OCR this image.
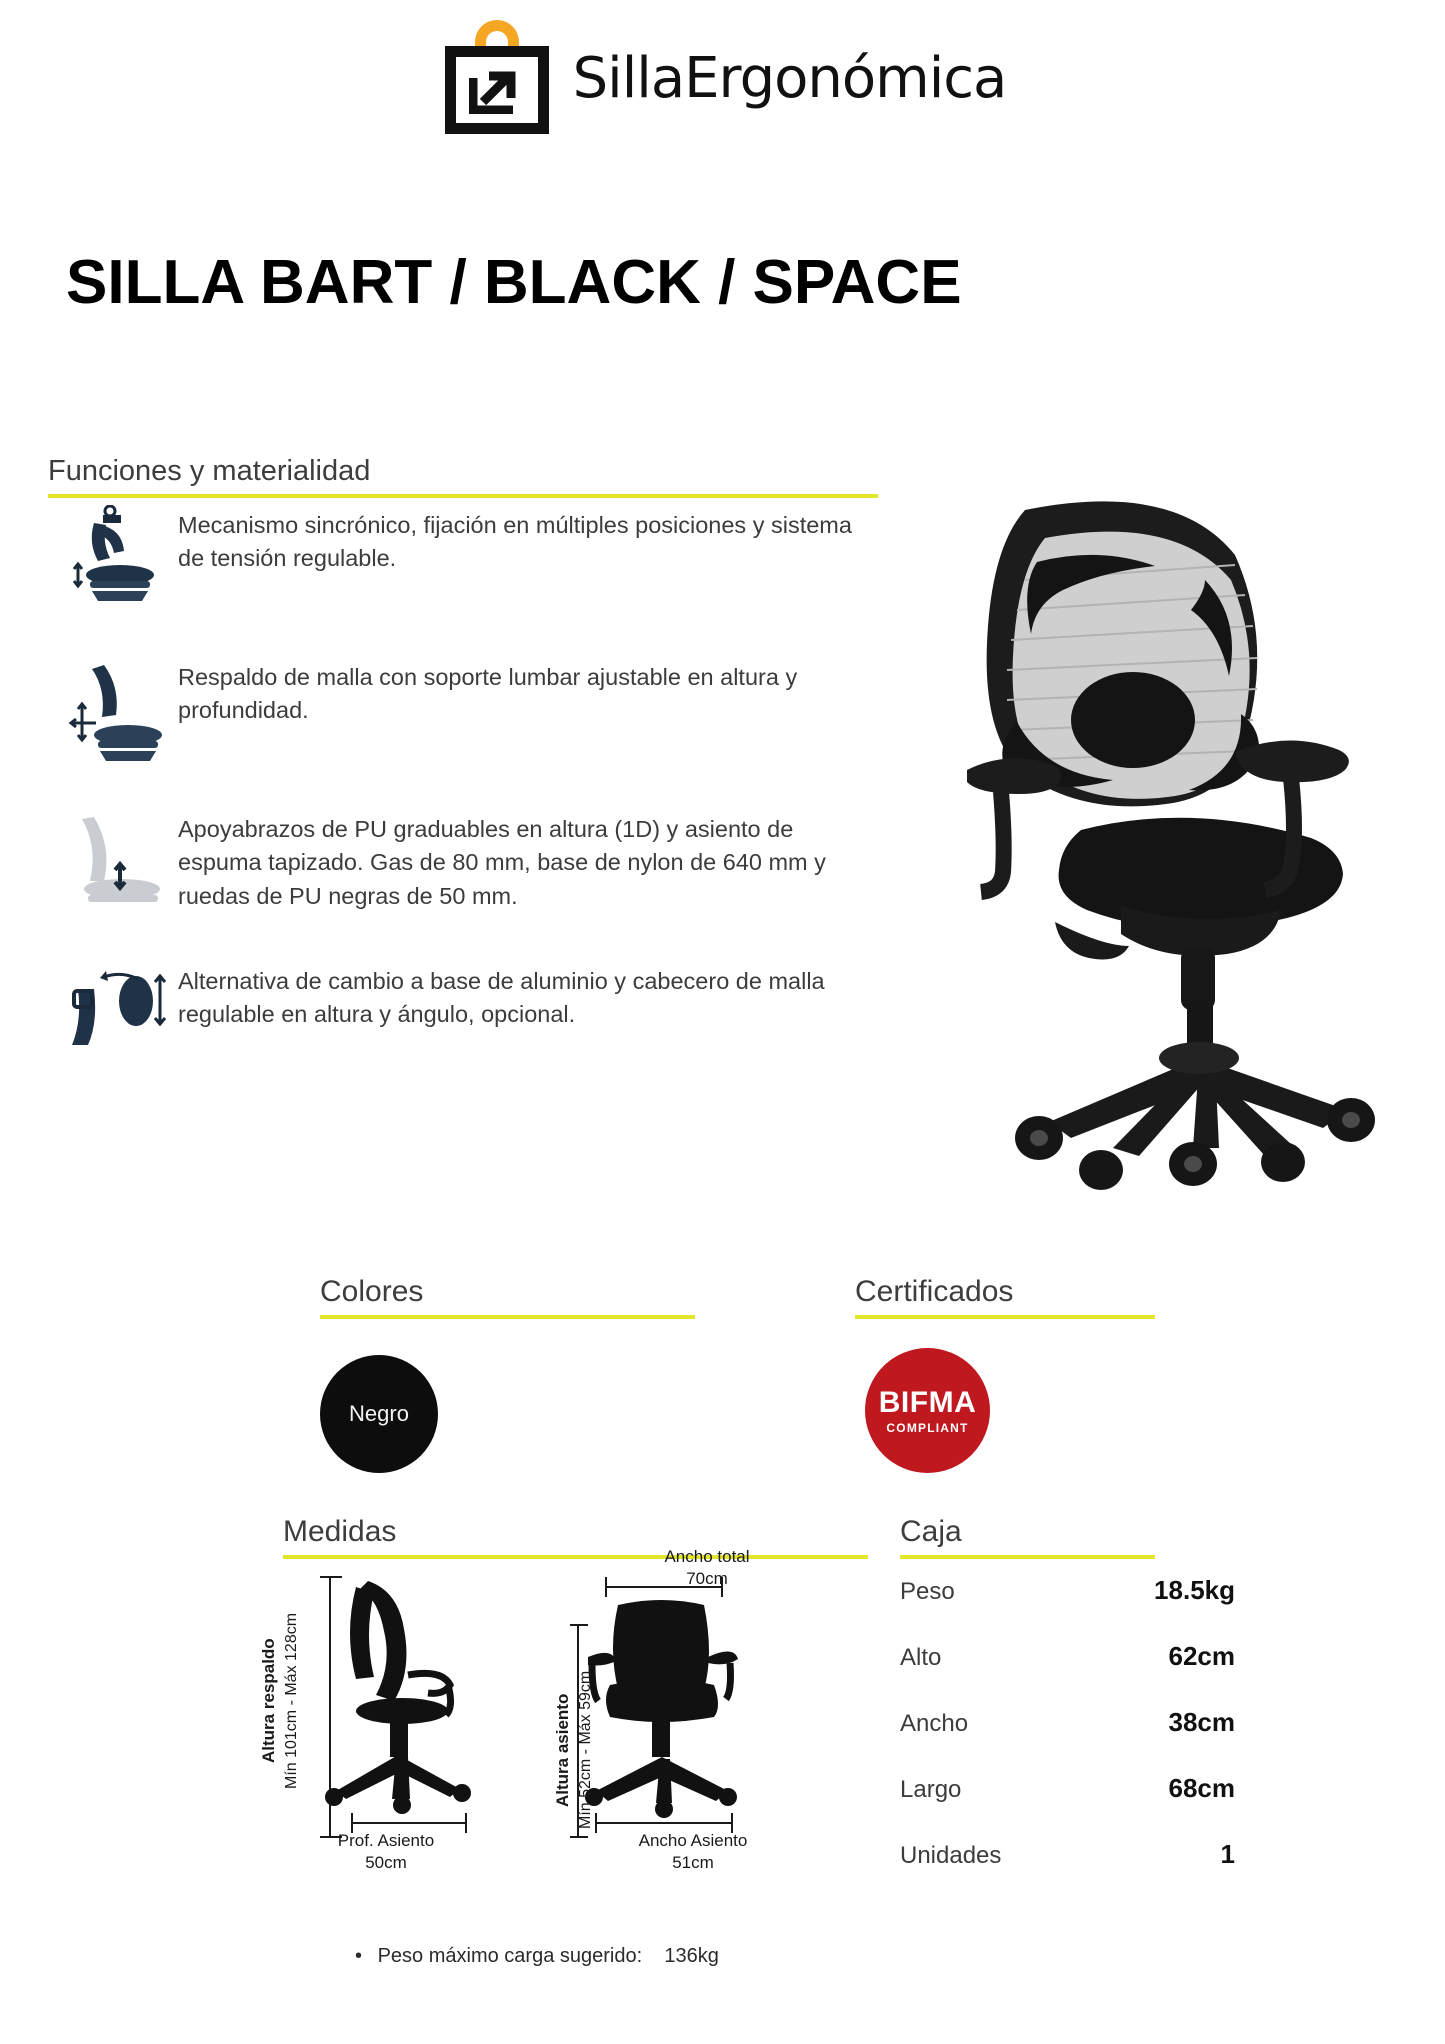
SillaErgonómica
SILLA BART / BLACK / SPACE
Funciones y materialidad
Mecanismo sincrónico, fijación en múltiples posiciones y sistema de tensión regulable.
Respaldo de malla con soporte lumbar ajustable en altura y profundidad.
Apoyabrazos de PU graduables en altura (1D) y asiento de espuma tapizado. Gas de 80 mm, base de nylon de 640 mm y ruedas de PU negras de 50 mm.
Alternativa de cambio a base de aluminio y cabecero de malla regulable en altura y ángulo, opcional.
Colores	Certificados
Negro	BIFMA
COMPLIANT
Medidas	Caja
Altura respaldo Mín 101cm - Máx 128cm
Prof. Asiento
50cm
Ancho total
70cm
Altura asiento Mín 52cm - Máx 59cm
Ancho Asiento
51cm
• Peso máximo carga sugerido: 136kg
Peso	18.5kg
Alto	62cm
Ancho	38cm
Largo	68cm
Unidades	1
